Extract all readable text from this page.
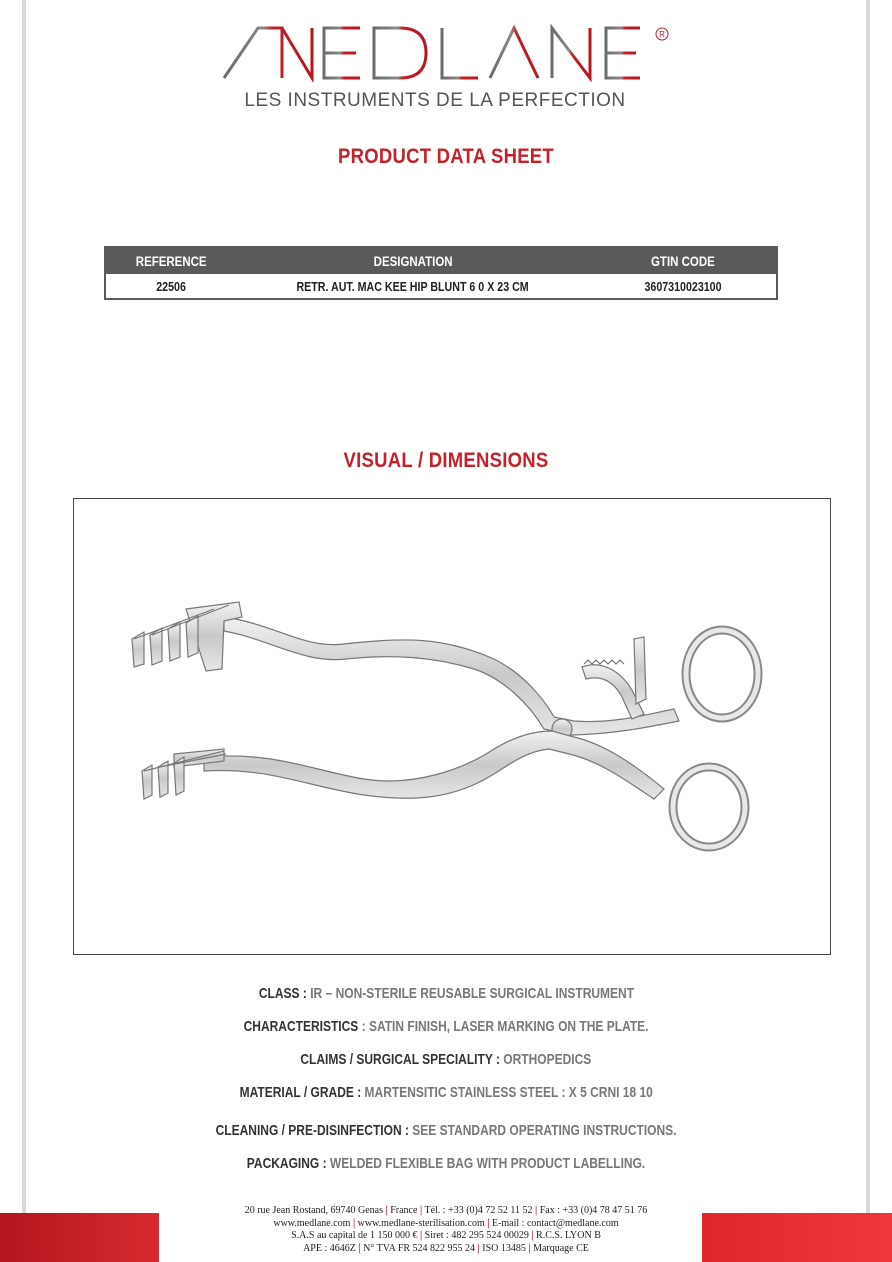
R
LES INSTRUMENTS DE LA PERFECTION
PRODUCT DATA SHEET
REFERENCE	DESIGNATION	GTIN CODE
22506	RETR. AUT. MAC KEE HIP BLUNT 6 0 X 23 CM	3607310023100
VISUAL / DIMENSIONS
CLASS : IR – NON-STERILE REUSABLE SURGICAL INSTRUMENT
CHARACTERISTICS : SATIN FINISH, LASER MARKING ON THE PLATE.
CLAIMS / SURGICAL SPECIALITY : ORTHOPEDICS
MATERIAL / GRADE : MARTENSITIC STAINLESS STEEL : X 5 CRNI 18 10
CLEANING / PRE-DISINFECTION : SEE STANDARD OPERATING INSTRUCTIONS.
PACKAGING : WELDED FLEXIBLE BAG WITH PRODUCT LABELLING.
20 rue Jean Rostand, 69740 Genas | France | Tél. : +33 (0)4 72 52 11 52 | Fax : +33 (0)4 78 47 51 76
www.medlane.com | www.medlane-sterilisation.com | E-mail : contact@medlane.com
S.A.S au capital de 1 150 000 € | Siret : 482 295 524 00029 | R.C.S. LYON B
APE : 4646Z | N° TVA FR 524 822 955 24 | ISO 13485 | Marquage CE
